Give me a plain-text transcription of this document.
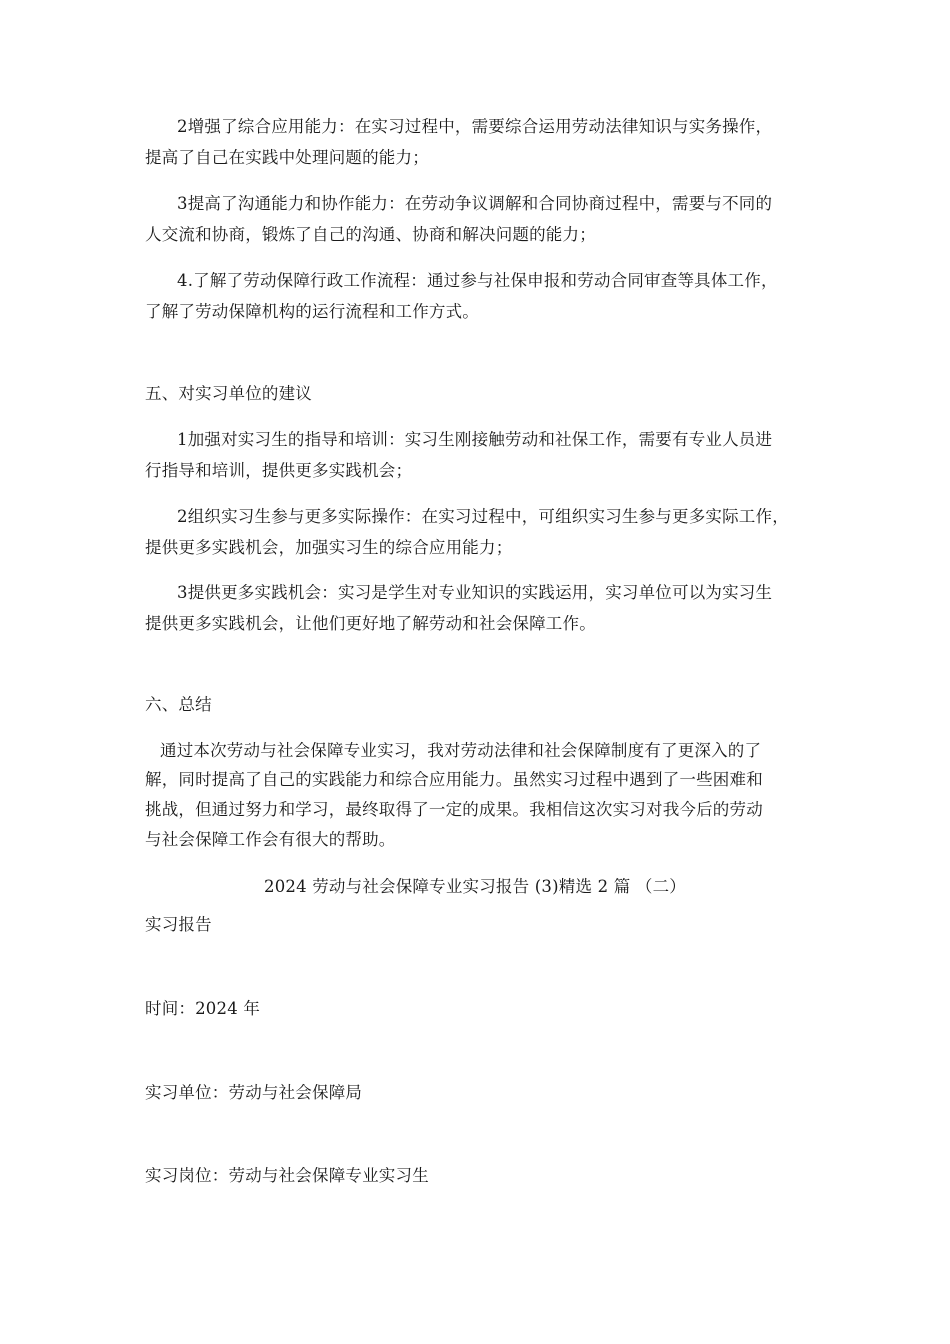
2增强了综合应用能力：在实习过程中，需要综合运用劳动法律知识与实务操作，
提高了自己在实践中处理问题的能力；
3提高了沟通能力和协作能力：在劳动争议调解和合同协商过程中，需要与不同的
人交流和协商，锻炼了自己的沟通、协商和解决问题的能力；
4.了解了劳动保障行政工作流程：通过参与社保申报和劳动合同审查等具体工作，
了解了劳动保障机构的运行流程和工作方式。
五、对实习单位的建议
1加强对实习生的指导和培训：实习生刚接触劳动和社保工作，需要有专业人员进
行指导和培训，提供更多实践机会；
2组织实习生参与更多实际操作：在实习过程中，可组织实习生参与更多实际工作，
提供更多实践机会，加强实习生的综合应用能力；
3提供更多实践机会：实习是学生对专业知识的实践运用，实习单位可以为实习生
提供更多实践机会，让他们更好地了解劳动和社会保障工作。
六、总结
通过本次劳动与社会保障专业实习，我对劳动法律和社会保障制度有了更深入的了
解，同时提高了自己的实践能力和综合应用能力。虽然实习过程中遇到了一些困难和
挑战，但通过努力和学习，最终取得了一定的成果。我相信这次实习对我今后的劳动
与社会保障工作会有很大的帮助。
2024 劳动与社会保障专业实习报告 (3)精选 2 篇 （二）
实习报告
时间：2024 年
实习单位：劳动与社会保障局
实习岗位：劳动与社会保障专业实习生
